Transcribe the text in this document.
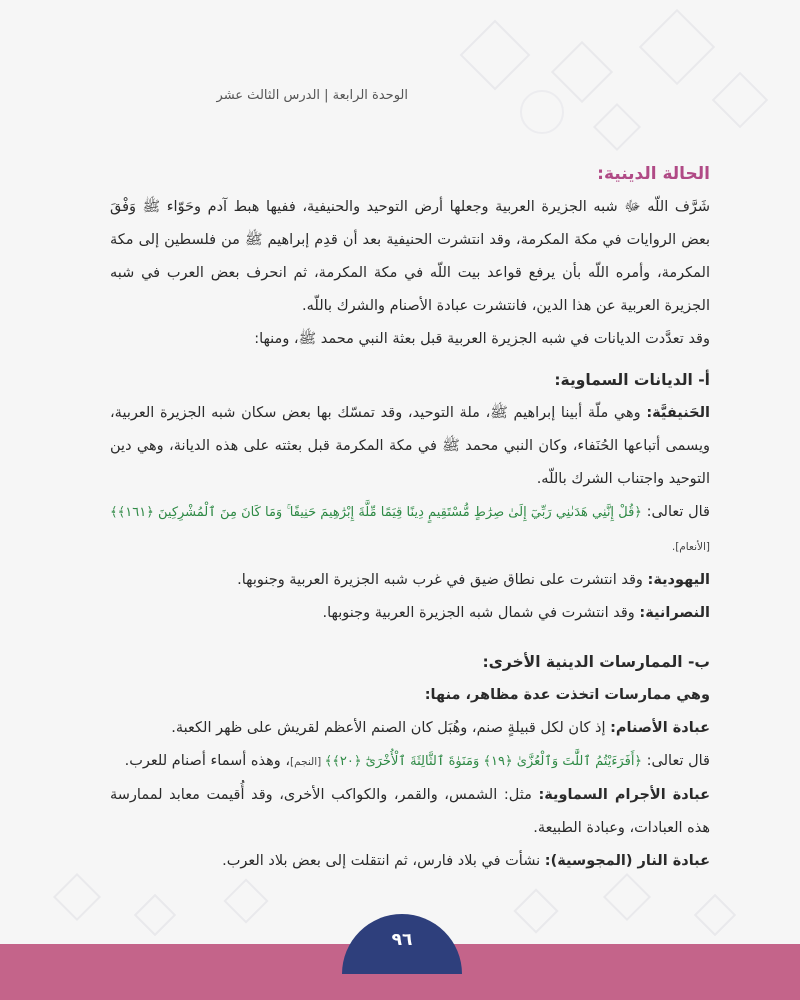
الوحدة الرابعة | الدرس الثالث عشر

الحالة الدينية:

شَرَّف اللّه ﷻ شبه الجزيرة العربية وجعلها أرض التوحيد والحنيفية، ففيها هبط آدم وحَوّاء ﷺ وَفْقَ بعض الروايات في مكة المكرمة، وقد انتشرت الحنيفية بعد أن قدِم إبراهيم ﷺ من فلسطين إلى مكة المكرمة، وأمره اللّه بأن يرفع قواعد بيت اللّه في مكة المكرمة، ثم انحرف بعض العرب في شبه الجزيرة العربية عن هذا الدين، فانتشرت عبادة الأصنام والشرك باللّه.

وقد تعدَّدت الديانات في شبه الجزيرة العربية قبل بعثة النبي محمد ﷺ، ومنها:

أ- الديانات السماوية:

الحَنيفيَّة: وهي ملّة أبينا إبراهيم ﷺ، ملة التوحيد، وقد تمسّك بها بعض سكان شبه الجزيرة العربية، ويسمى أتباعها الحُنَفاء، وكان النبي محمد ﷺ في مكة المكرمة قبل بعثته على هذه الديانة، وهي دين التوحيد واجتناب الشرك باللّه.

قال تعالى: ﴿قُلْ إِنَّنِي هَدَىٰنِي رَبِّيٓ إِلَىٰ صِرَٰطٍ مُّسْتَقِيمٍ دِينًا قِيَمًا مِّلَّةَ إِبْرَٰهِيمَ حَنِيفًا ۚ وَمَا كَانَ مِنَ ٱلْمُشْرِكِينَ ﴿١٦١﴾﴾ [الأنعام].

اليهودية: وقد انتشرت على نطاق ضيق في غرب شبه الجزيرة العربية وجنوبها.

النصرانية: وقد انتشرت في شمال شبه الجزيرة العربية وجنوبها.

ب- الممارسات الدينية الأخرى:

وهي ممارسات اتخذت عدة مظاهر، منها:

عبادة الأصنام: إذ كان لكل قبيلةٍ صنم، وهُبَل كان الصنم الأعظم لقريش على ظهر الكعبة.

قال تعالى: ﴿أَفَرَءَيْتُمُ ٱللَّٰتَ وَٱلْعُزَّىٰ ﴿١٩﴾ وَمَنَوٰةَ ٱلثَّالِثَةَ ٱلْأُخْرَىٰٓ ﴿٢٠﴾﴾ [النجم]، وهذه أسماء أصنام للعرب.

عبادة الأجرام السماوية: مثل: الشمس، والقمر، والكواكب الأخرى، وقد أُقيمت معابد لممارسة هذه العبادات، وعبادة الطبيعة.

عبادة النار (المجوسية): نشأت في بلاد فارس، ثم انتقلت إلى بعض بلاد العرب.

٩٦
